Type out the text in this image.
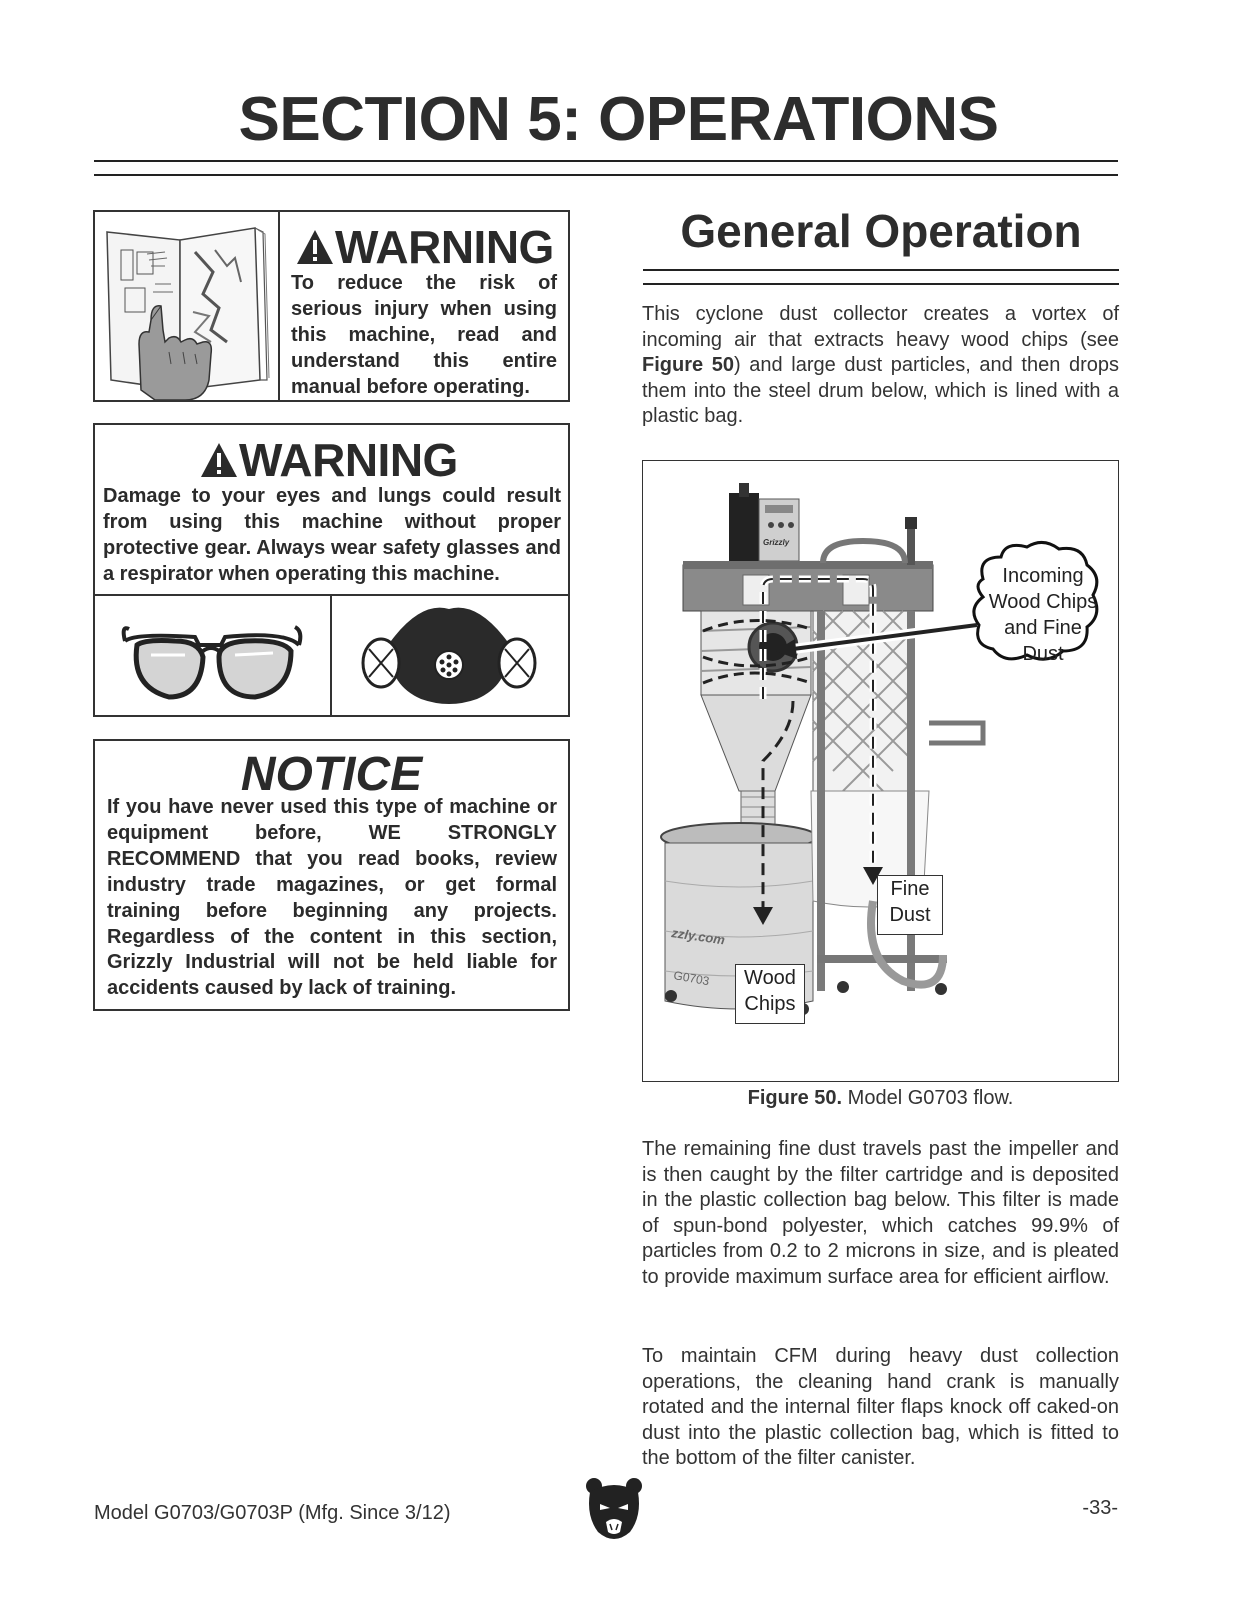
SECTION 5: OPERATIONS
WARNING
To reduce the risk of serious injury when using this machine, read and understand this entire manual before operating.
WARNING
Damage to your eyes and lungs could result from using this machine without proper protective gear. Always wear safety glasses and a respirator when operating this machine.
NOTICE
If you have never used this type of machine or equipment before, WE STRONGLY RECOMMEND that you read books, review industry trade magazines, or get formal training before beginning any projects. Regardless of the content in this section, Grizzly Industrial will not be held liable for accidents caused by lack of training.
General Operation
This cyclone dust collector creates a vortex of incoming air that extracts heavy wood chips (see Figure 50) and large dust particles, and then drops them into the steel drum below, which is lined with a plastic bag.
Grizzly
zzly.com
G0703
Incoming Wood Chips and Fine Dust
Fine Dust
Wood Chips
Figure 50. Model G0703 flow.
The remaining fine dust travels past the impeller and is then caught by the filter cartridge and is deposited in the plastic collection bag below. This filter is made of spun-bond polyester, which catches 99.9% of particles from 0.2 to 2 microns in size, and is pleated to provide maximum surface area for efficient airflow.
To maintain CFM during heavy dust collection operations, the cleaning hand crank is manually rotated and the internal filter flaps knock off caked-on dust into the plastic collection bag, which is fitted to the bottom of the filter canister.
Model G0703/G0703P (Mfg. Since 3/12)	-33-
